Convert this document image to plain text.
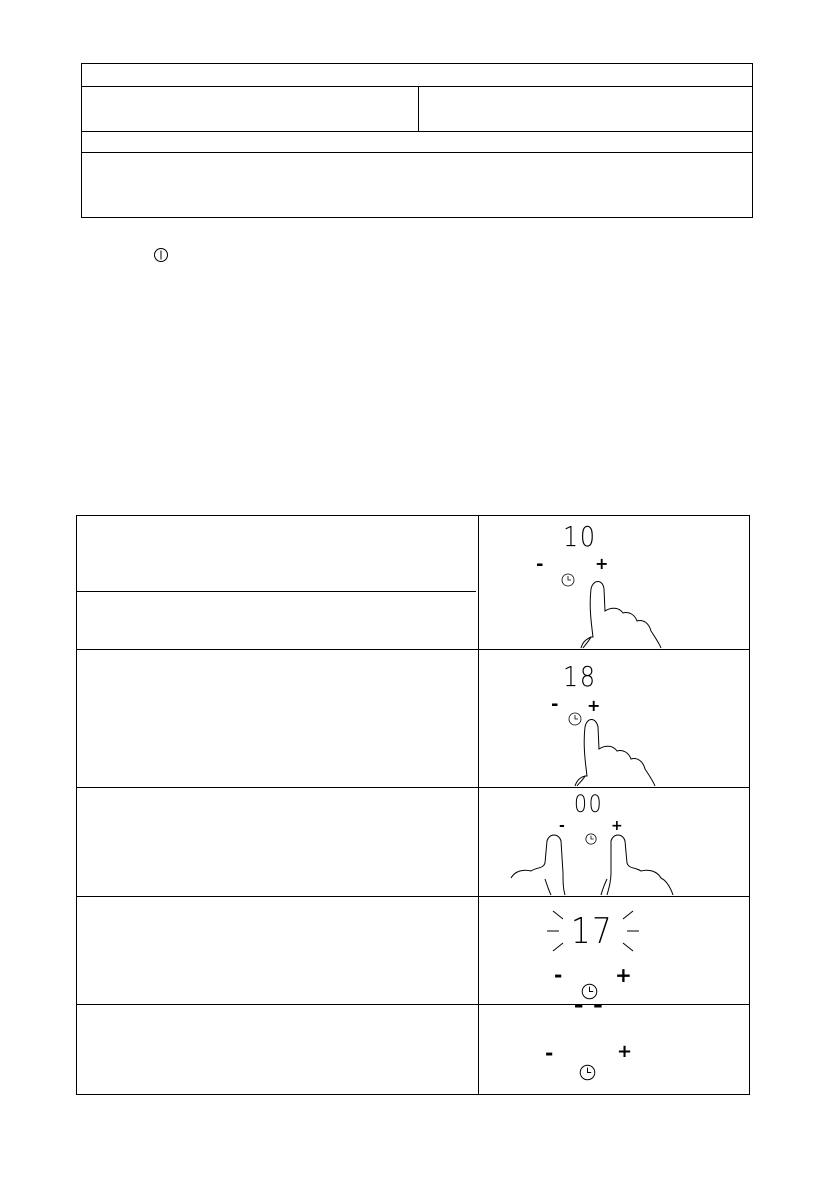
10
-	+
18
- +
00
-	+
17
-	+
– –
-	+
